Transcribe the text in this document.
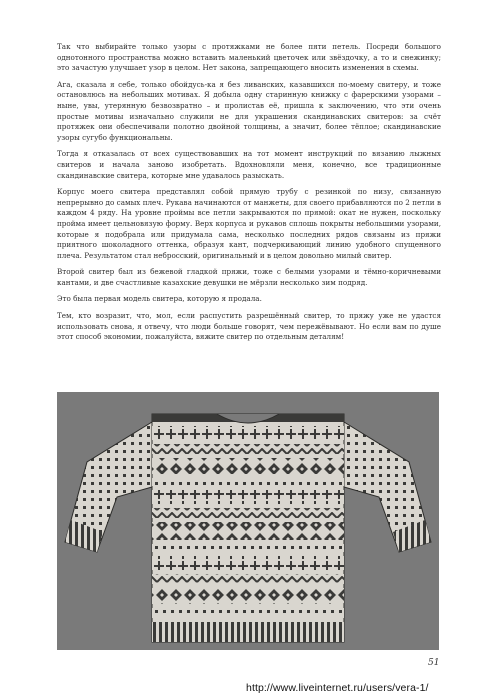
Так что выбирайте только узоры с протяжками не более пяти петель. Посреди большого однотонного пространства можно вставить маленький цветочек или звёздочку, а то и снежинку; это зачастую улучшает узор в целом. Нет закона, запрещающего вносить изменения в схемы.

Ага, сказала я себе, только обойдусь-ка я без ливанских, казавшихся по-моему свитеру, и тоже остановлюсь на небольших мотивах. Я добыла одну старинную книжку с фарерскими узорами – ныне, увы, утерянную безвозвратно – и пролистав её, пришла к заключению, что эти очень простые мотивы изначально служили не для украшения скандинавских свитеров: за счёт протяжек они обеспечивали полотно двойной толщины, а значит, более тёплое; скандинавские узоры сугубо функциональны.

Тогда я отказалась от всех существовавших на тот момент инструкций по вязанию лыжных свитеров и начала заново изобретать. Вдохновляли меня, конечно, все традиционные скандинавские свитера, которые мне удавалось разыскать.

Корпус моего свитера представлял собой прямую трубу с резинкой по низу, связанную непрерывно до самых плеч. Рукава начинаются от манжеты, для своего прибавляются по 2 петли в каждом 4 ряду. На уровне проймы все петли закрываются по прямой: окат не нужен, поскольку пройма имеет цельновязую форму. Верх корпуса и рукавов сплошь покрыты небольшими узорами, которые я подобрала или придумала сама, несколько последних рядов связаны из пряжи приятного шоколадного оттенка, образуя кант, подчеркивающий линию удобного спущенного плеча. Результатом стал небросский, оригинальный и в целом довольно милый свитер.

Второй свитер был из бежевой гладкой пряжи, тоже с белыми узорами и тёмно-коричневыми кантами, и две счастливые казахские девушки не мёрзли несколько зим подряд.

Это была первая модель свитера, которую я продала.

Тем, кто возразит, что, мол, если распустить разрешённый свитер, то пряжу уже не удастся использовать снова, я отвечу, что люди больше говорят, чем пережёвывают. Но если вам по душе этот способ экономии, пожалуйста, вяжите свитер по отдельным деталям!

51
http://www.liveinternet.ru/users/vera-1/
